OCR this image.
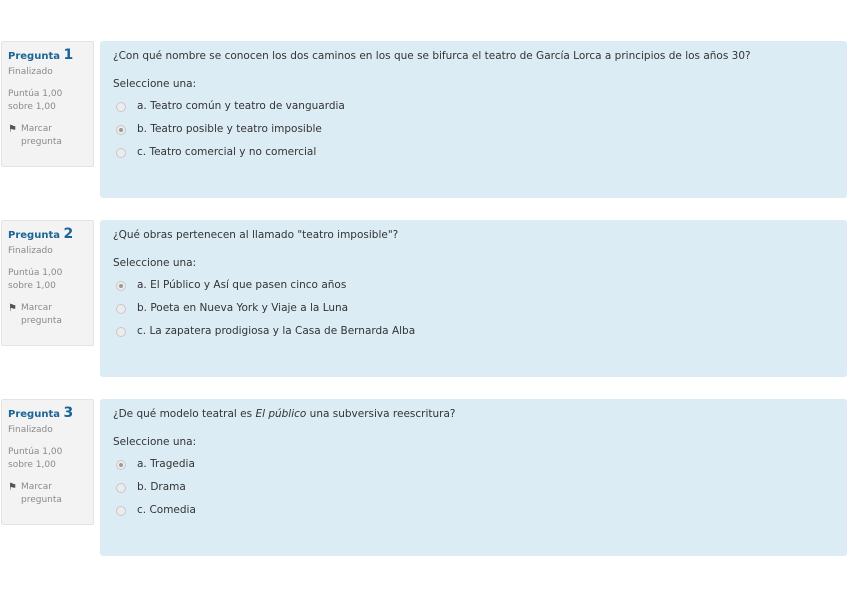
Pregunta 1
Finalizado
Puntúa 1,00
sobre 1,00
⚑ Marcar
pregunta
¿Con qué nombre se conocen los dos caminos en los que se bifurca el teatro de García Lorca a principios de los años 30?
Seleccione una:
a. Teatro común y teatro de vanguardia
b. Teatro posible y teatro imposible
c. Teatro comercial y no comercial
Pregunta 2
Finalizado
Puntúa 1,00
sobre 1,00
⚑ Marcar
pregunta
¿Qué obras pertenecen al llamado "teatro imposible"?
Seleccione una:
a. El Público y Así que pasen cinco años
b. Poeta en Nueva York y Viaje a la Luna
c. La zapatera prodigiosa y la Casa de Bernarda Alba
Pregunta 3
Finalizado
Puntúa 1,00
sobre 1,00
⚑ Marcar
pregunta
¿De qué modelo teatral es El público una subversiva reescritura?
Seleccione una:
a. Tragedia
b. Drama
c. Comedia
